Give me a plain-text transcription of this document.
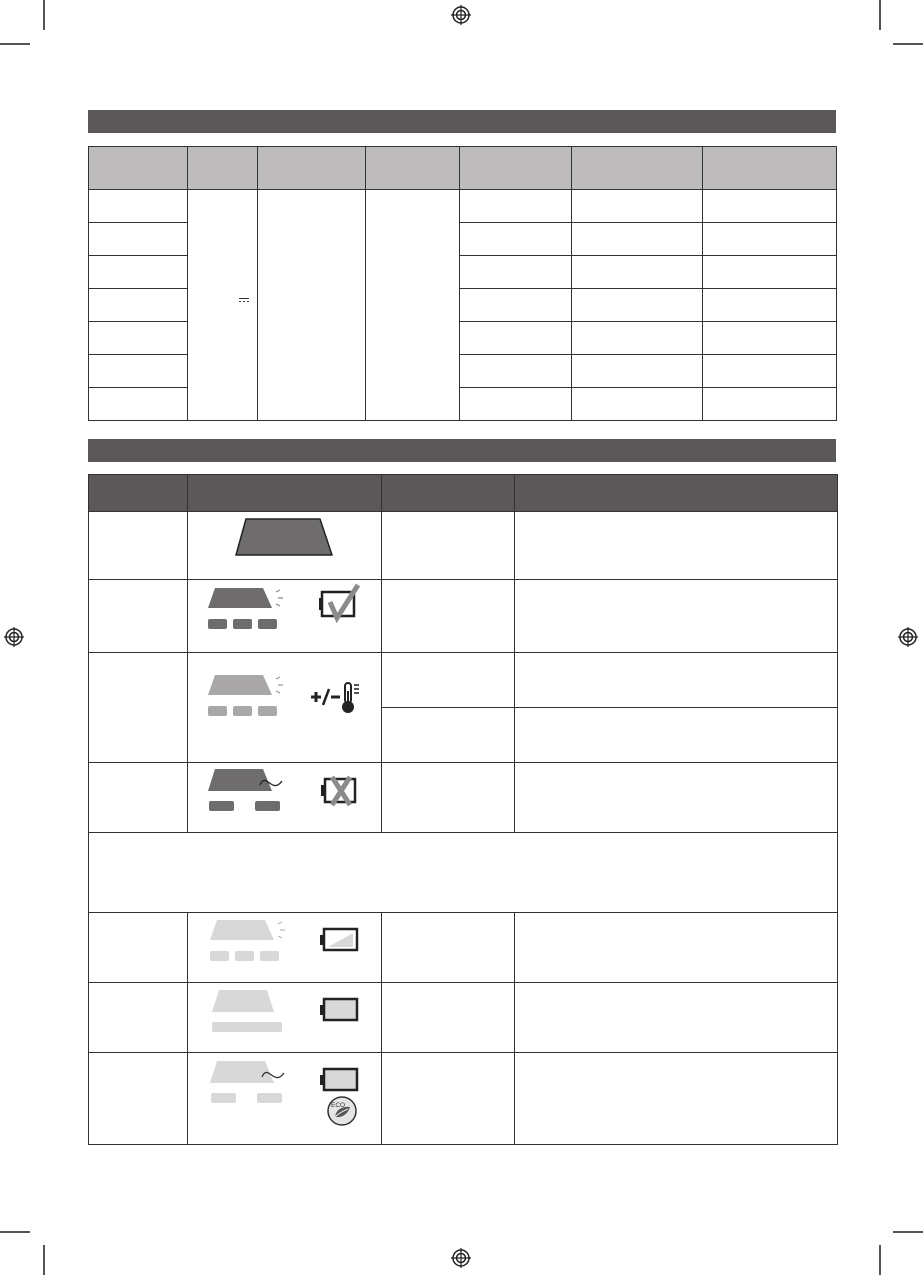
ECO		
